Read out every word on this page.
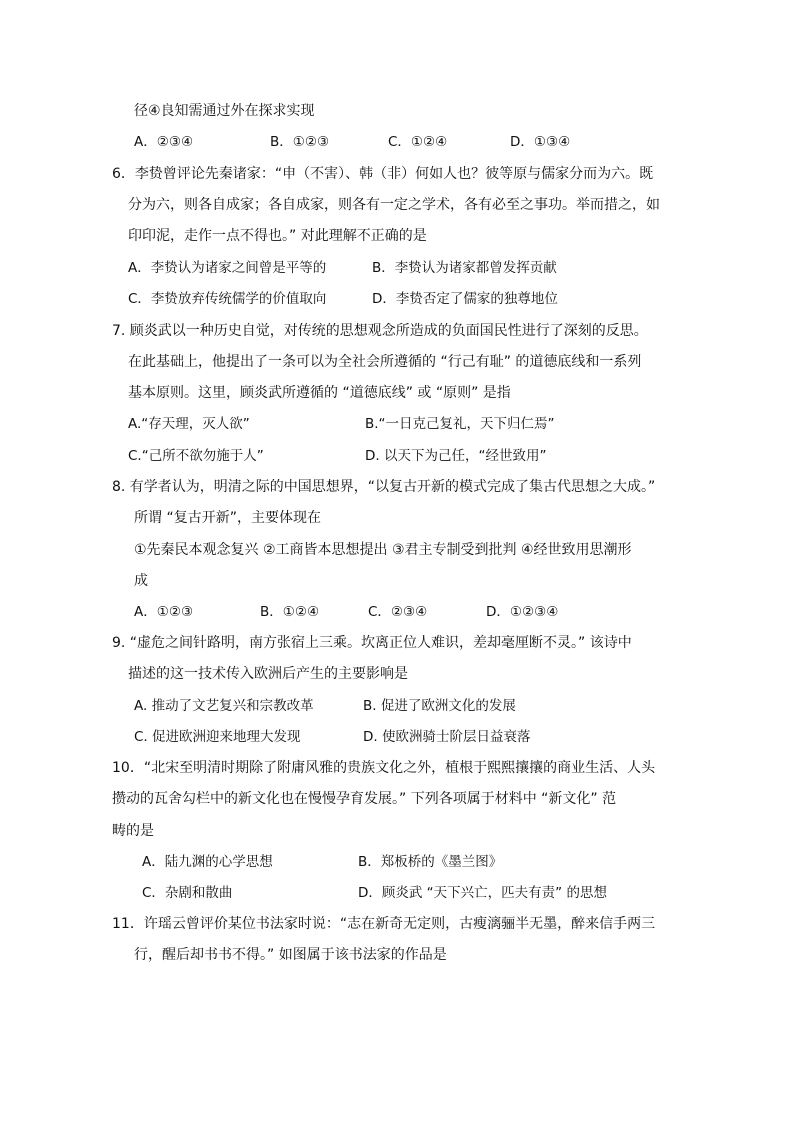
径④良知需通过外在探求实现
A．②③④	B．①②③	C．①②④	D．①③④
6．李贽曾评论先秦诸家：“申（不害）、韩（非）何如人也？彼等原与儒家分而为六。既
分为六，则各自成家；各自成家，则各有一定之学术，各有必至之事功。举而措之，如
印印泥，走作一点不得也。” 对此理解不正确的是
A．李贽认为诸家之间曾是平等的	B．李贽认为诸家都曾发挥贡献
C．李贽放弃传统儒学的价值取向	D．李贽否定了儒家的独尊地位
7. 顾炎武以一种历史自觉，对传统的思想观念所造成的负面国民性进行了深刻的反思。
在此基础上，他提出了一条可以为全社会所遵循的 “行己有耻” 的道德底线和一系列
基本原则。这里，顾炎武所遵循的 “道德底线” 或 “原则” 是指
A.“存天理，灭人欲”	B.“一日克己复礼，天下归仁焉”
C.“己所不欲勿施于人”	D. 以天下为己任，“经世致用”
8. 有学者认为，明清之际的中国思想界，“以复古开新的模式完成了集古代思想之大成。”
所谓 “复古开新”，主要体现在
①先秦民本观念复兴 ②工商皆本思想提出 ③君主专制受到批判 ④经世致用思潮形
成
A．①②③	B．①②④	C．②③④	D．①②③④
9. “虚危之间针路明，南方张宿上三乘。坎离正位人难识，差却毫厘断不灵。” 该诗中
描述的这一技术传入欧洲后产生的主要影响是
A. 推动了文艺复兴和宗教改革	B. 促进了欧洲文化的发展
C. 促进欧洲迎来地理大发现	D. 使欧洲骑士阶层日益衰落
10．“北宋至明清时期除了附庸风雅的贵族文化之外，植根于熙熙攘攘的商业生活、人头
攒动的瓦舍勾栏中的新文化也在慢慢孕育发展。” 下列各项属于材料中 “新文化” 范
畴的是
A．陆九渊的心学思想	B．郑板桥的《墨兰图》
C．杂剧和散曲	D．顾炎武 “天下兴亡，匹夫有责” 的思想
11．许瑶云曾评价某位书法家时说：“志在新奇无定则，古瘦漓骊半无墨，醉来信手两三
行，醒后却书书不得。” 如图属于该书法家的作品是
